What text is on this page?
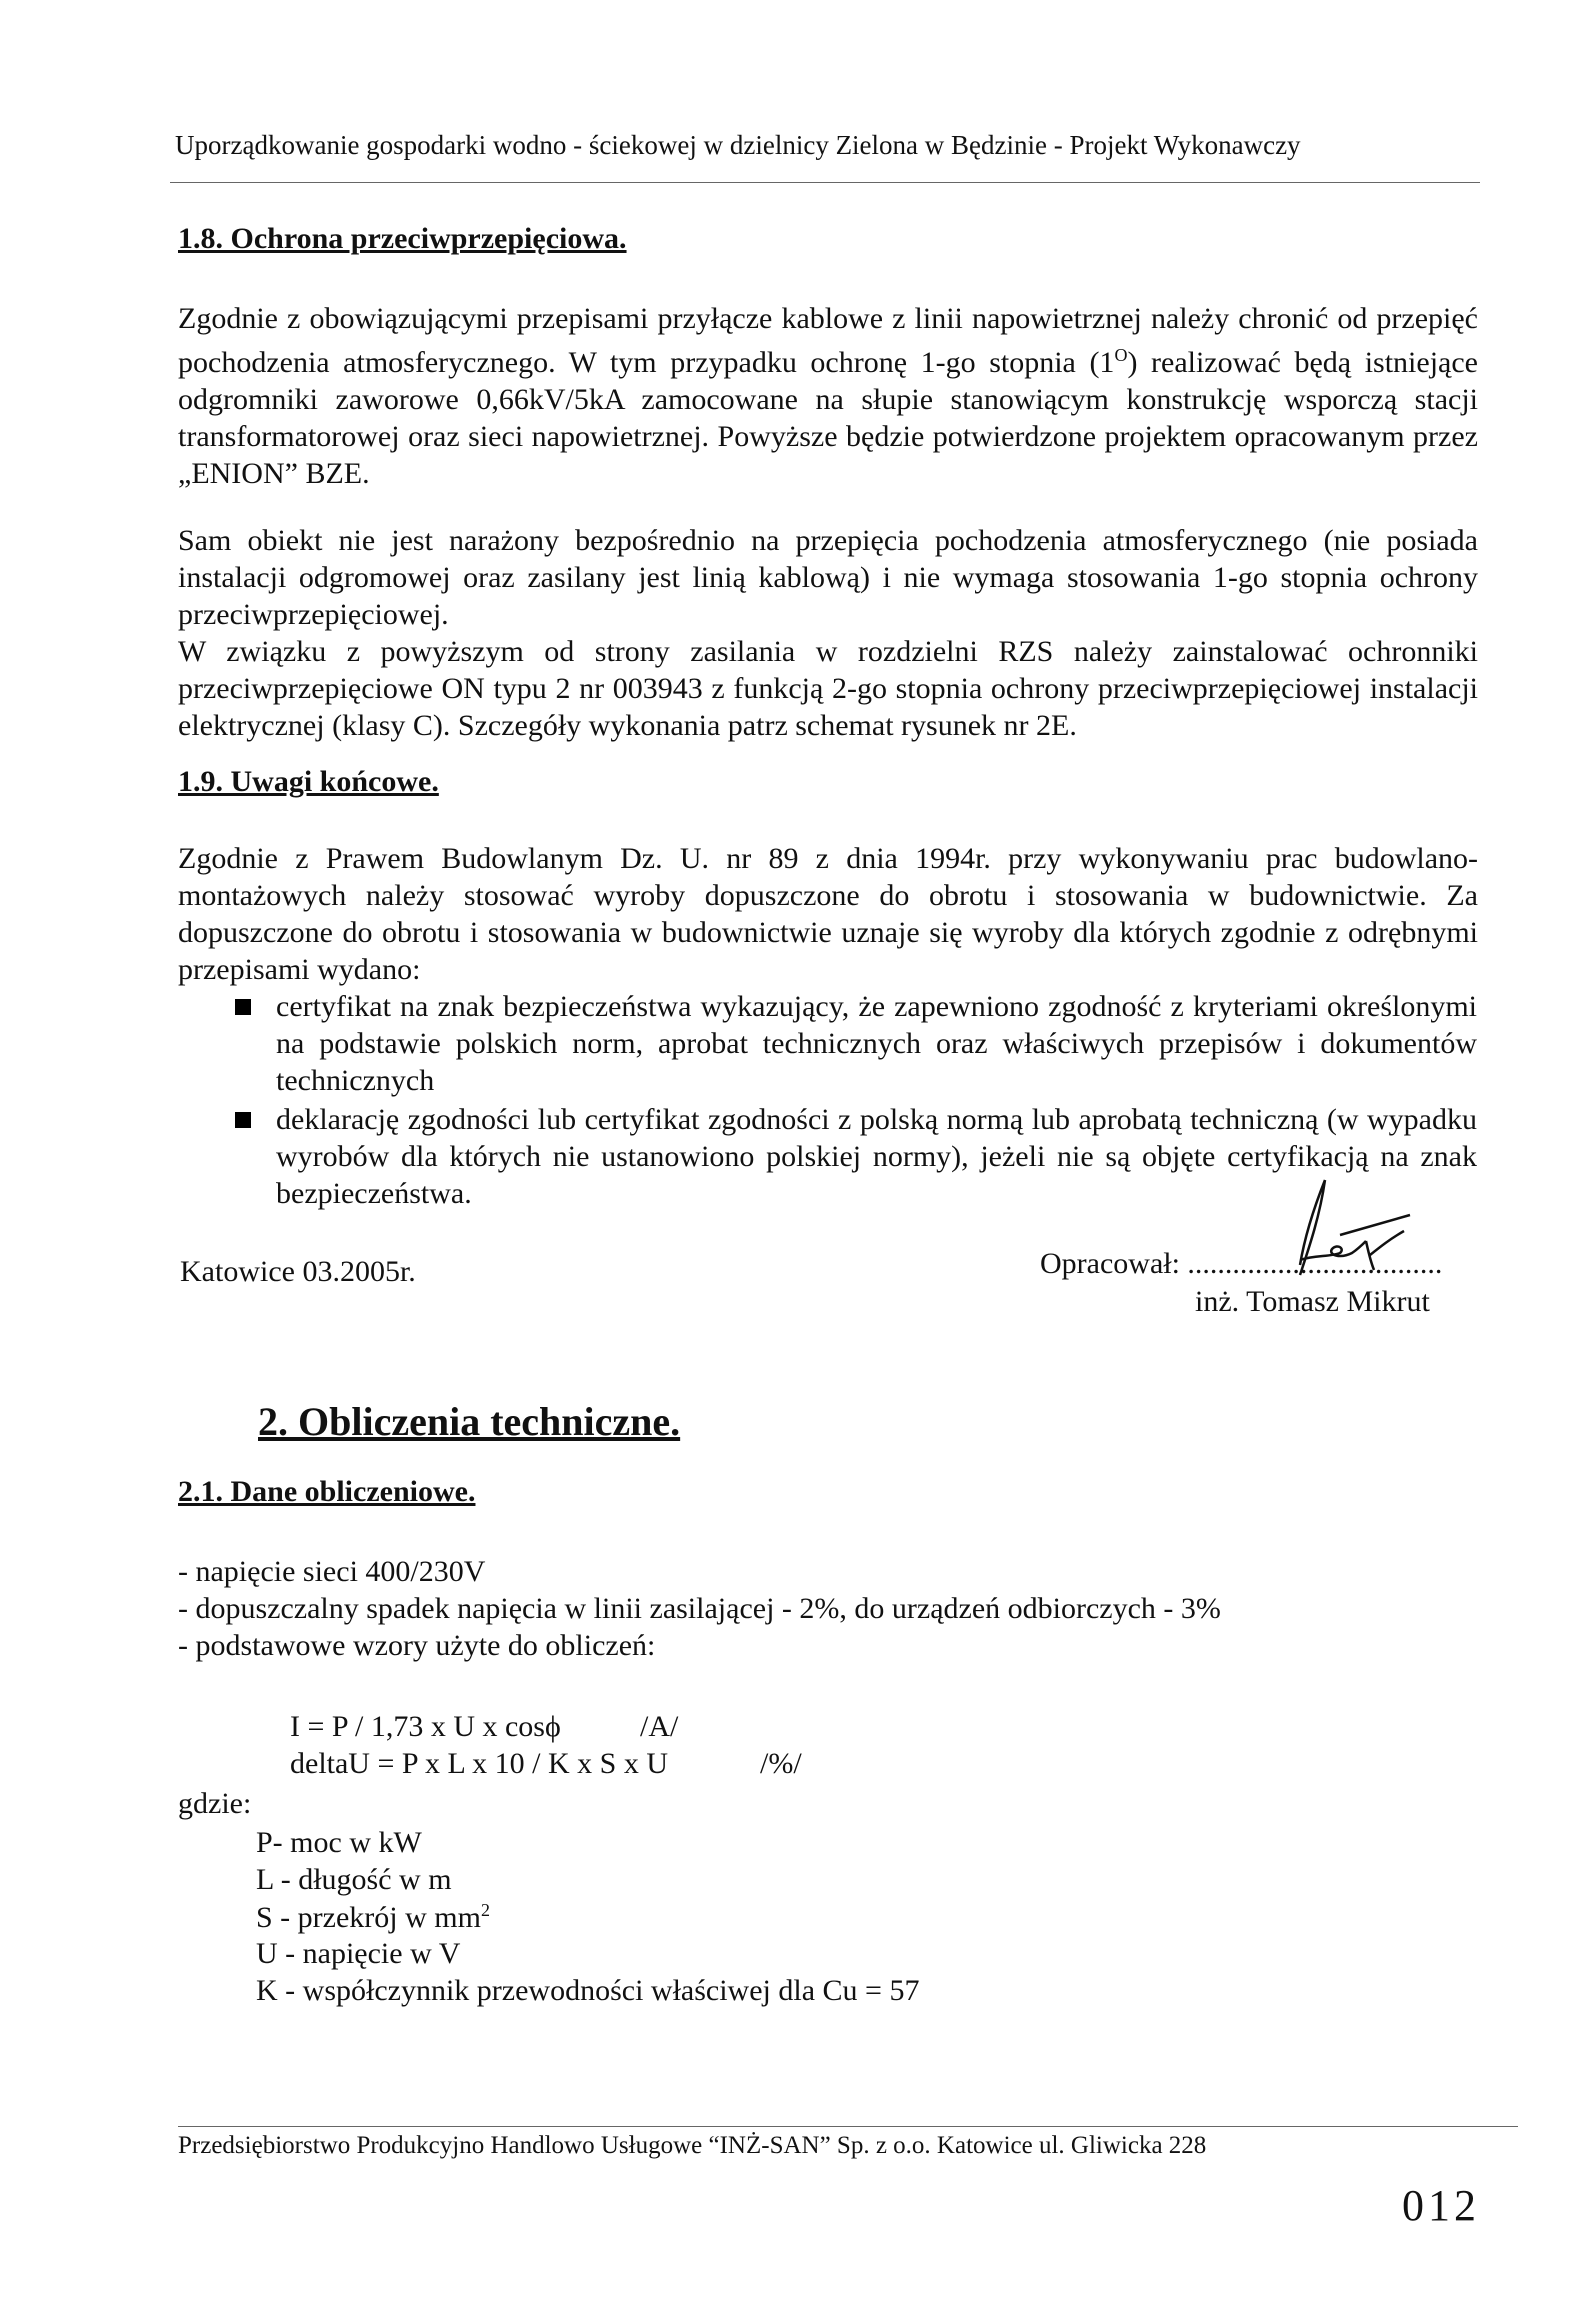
Uporządkowanie gospodarki wodno - ściekowej w dzielnicy Zielona w Będzinie - Projekt Wykonawczy
1.8. Ochrona przeciwprzepięciowa.

Zgodnie z obowiązującymi przepisami przyłącze kablowe z linii napowietrznej należy chronić od przepięć pochodzenia atmosferycznego. W tym przypadku ochronę 1-go stopnia $(1^O)$ realizować będą istniejące odgromniki zaworowe 0,66kV/5kA zamocowane na słupie stanowiącym konstrukcję wsporczą stacji transformatorowej oraz sieci napowietrznej. Powyższe będzie potwierdzone projektem opracowanym przez „ENION” BZE.

Sam obiekt nie jest narażony bezpośrednio na przepięcia pochodzenia atmosferycznego (nie posiada instalacji odgromowej oraz zasilany jest linią kablową) i nie wymaga stosowania 1-go stopnia ochrony przeciwprzepięciowej.

W związku z powyższym od strony zasilania w rozdzielni RZS należy zainstalować ochronniki przeciwprzepięciowe ON typu 2 nr 003943 z funkcją 2-go stopnia ochrony przeciwprzepięciowej instalacji elektrycznej (klasy C). Szczegóły wykonania patrz schemat rysunek nr 2E.

1.9. Uwagi końcowe.

Zgodnie z Prawem Budowlanym Dz. U. nr 89 z dnia 1994r. przy wykonywaniu prac budowlano-montażowych należy stosować wyroby dopuszczone do obrotu i stosowania w budownictwie. Za dopuszczone do obrotu i stosowania w budownictwie uznaje się wyroby dla których zgodnie z odrębnymi przepisami wydano:

certyfikat na znak bezpieczeństwa wykazujący, że zapewniono zgodność z kryteriami określonymi na podstawie polskich norm, aprobat technicznych oraz właściwych przepisów i dokumentów technicznych
deklarację zgodności lub certyfikat zgodności z polską normą lub aprobatą techniczną (w wypadku wyrobów dla których nie ustanowiono polskiej normy), jeżeli nie są objęte certyfikacją na znak bezpieczeństwa.
Katowice 03.2005r.	Opracował: ..................................
inż. Tomasz Mikrut
2. Obliczenia techniczne.
2.1. Dane obliczeniowe.
- napięcie sieci 400/230V
- dopuszczalny spadek napięcia w linii zasilającej - 2%, do urządzeń odbiorczych - 3%
- podstawowe wzory użyte do obliczeń:
I = P / 1,73 x U x cosϕ	/A/
deltaU = P x L x 10 / K x S x U	/%/
gdzie:
P- moc w kW
L - długość w m
S - przekrój w $mm^2$
U - napięcie w V
K - współczynnik przewodności właściwej dla Cu = 57
Przedsiębiorstwo Produkcyjno Handlowo Usługowe “INŻ-SAN” Sp. z o.o. Katowice ul. Gliwicka 228
012
